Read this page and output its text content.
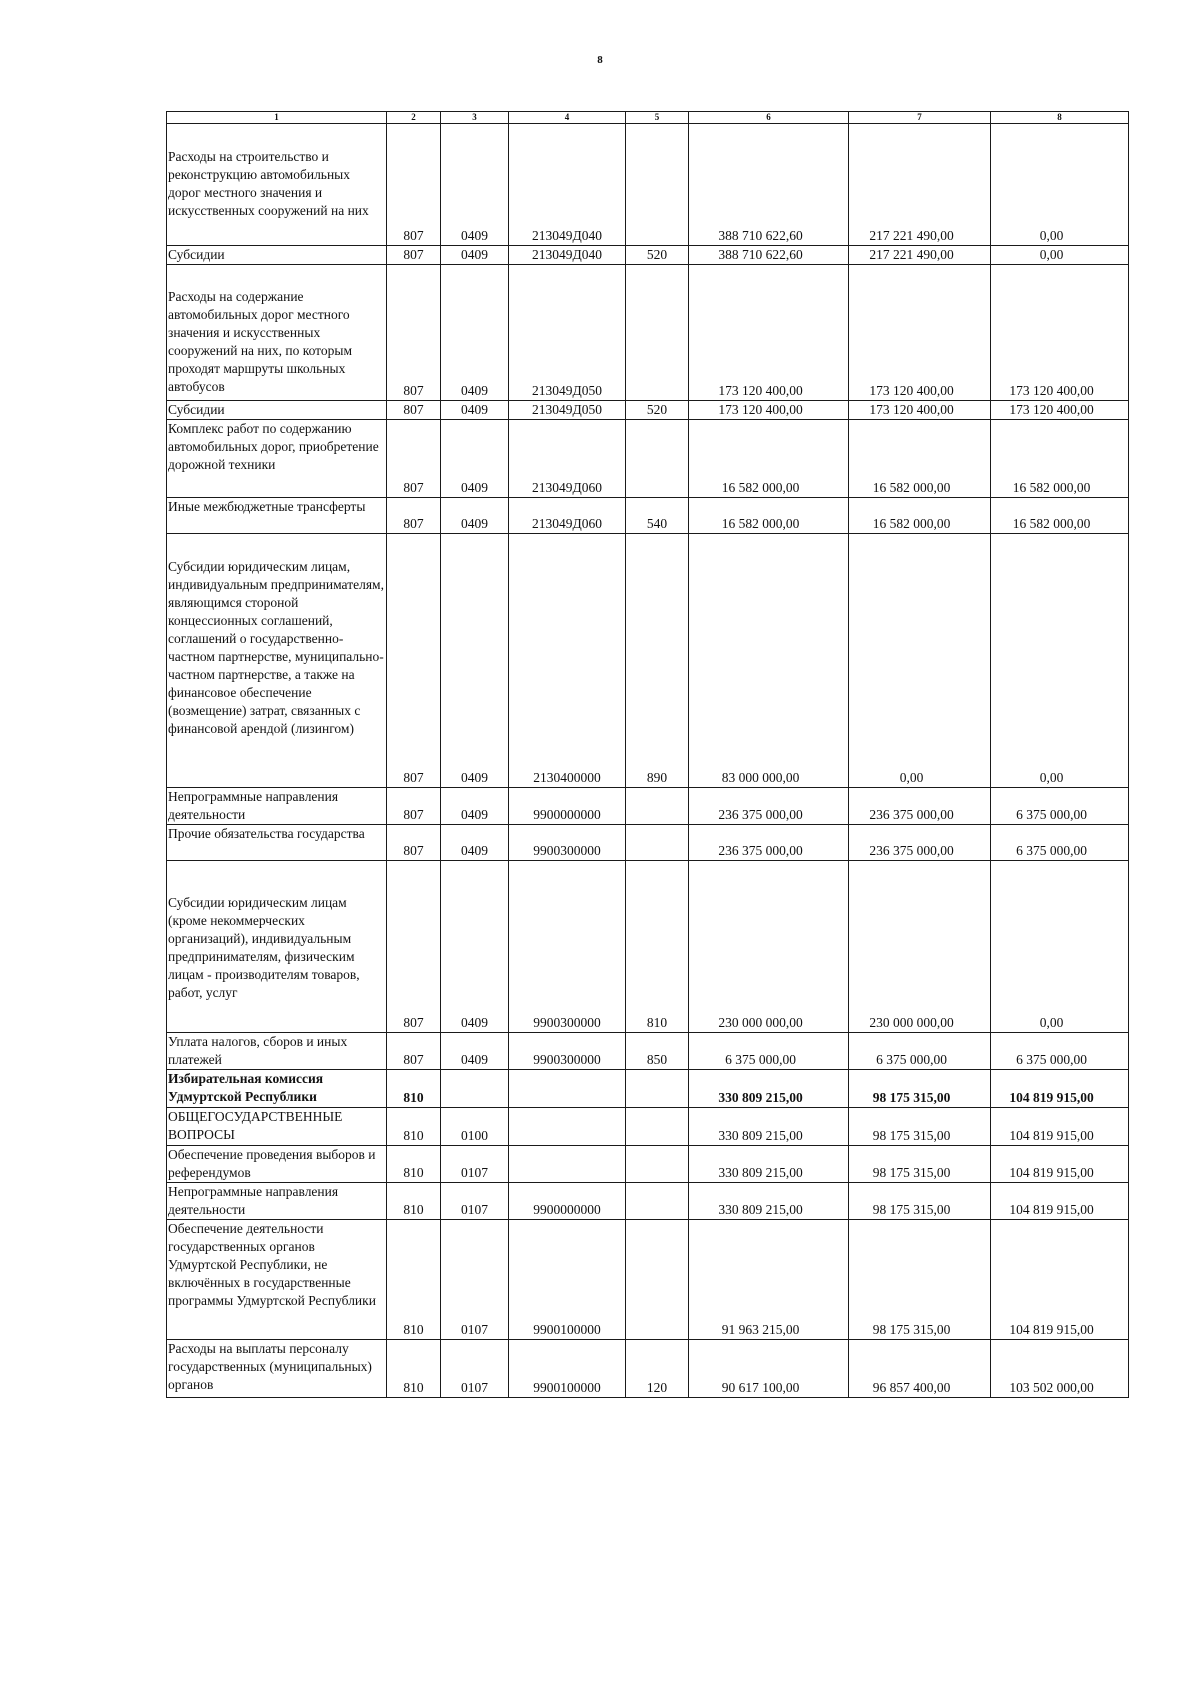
8
1	2	3	4	5	6	7	8
Расходы на строительство и реконструкцию автомобильных дорог местного значения и искусственных сооружений на них	807	0409	213049Д040		388 710 622,60	217 221 490,00	0,00
Субсидии	807	0409	213049Д040	520	388 710 622,60	217 221 490,00	0,00
Расходы на содержание автомобильных дорог местного значения и искусственных сооружений на них, по которым проходят маршруты школьных автобусов	807	0409	213049Д050		173 120 400,00	173 120 400,00	173 120 400,00
Субсидии	807	0409	213049Д050	520	173 120 400,00	173 120 400,00	173 120 400,00
Комплекс работ по содержанию автомобильных дорог, приобретение дорожной техники	807	0409	213049Д060		16 582 000,00	16 582 000,00	16 582 000,00
Иные межбюджетные трансферты	807	0409	213049Д060	540	16 582 000,00	16 582 000,00	16 582 000,00
Субсидии юридическим лицам, индивидуальным предпринимателям, являющимся стороной концессионных соглашений, соглашений о государственно-частном партнерстве, муниципально-частном партнерстве, а также на финансовое обеспечение (возмещение) затрат, связанных с финансовой арендой (лизингом)	807	0409	2130400000	890	83 000 000,00	0,00	0,00
Непрограммные направления деятельности	807	0409	9900000000		236 375 000,00	236 375 000,00	6 375 000,00
Прочие обязательства государства	807	0409	9900300000		236 375 000,00	236 375 000,00	6 375 000,00
Субсидии юридическим лицам (кроме некоммерческих организаций), индивидуальным предпринимателям, физическим лицам - производителям товаров, работ, услуг	807	0409	9900300000	810	230 000 000,00	230 000 000,00	0,00
Уплата налогов, сборов и иных платежей	807	0409	9900300000	850	6 375 000,00	6 375 000,00	6 375 000,00
Избирательная комиссия Удмуртской Республики	810				330 809 215,00	98 175 315,00	104 819 915,00
ОБЩЕГОСУДАРСТВЕННЫЕ ВОПРОСЫ	810	0100			330 809 215,00	98 175 315,00	104 819 915,00
Обеспечение проведения выборов и референдумов	810	0107			330 809 215,00	98 175 315,00	104 819 915,00
Непрограммные направления деятельности	810	0107	9900000000		330 809 215,00	98 175 315,00	104 819 915,00
Обеспечение деятельности государственных органов Удмуртской Республики, не включённых в государственные программы Удмуртской Республики	810	0107	9900100000		91 963 215,00	98 175 315,00	104 819 915,00
Расходы на выплаты персоналу государственных (муниципальных) органов	810	0107	9900100000	120	90 617 100,00	96 857 400,00	103 502 000,00
